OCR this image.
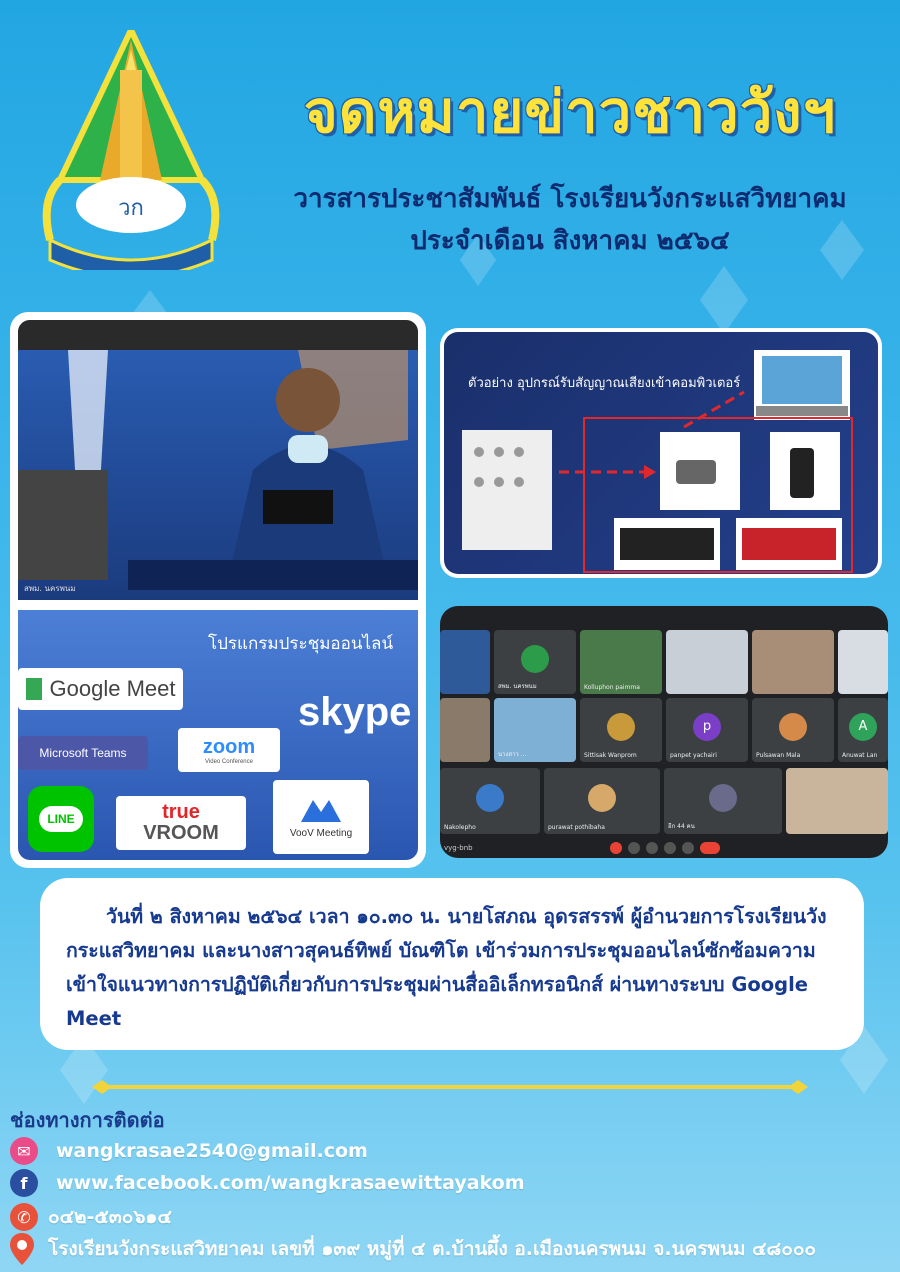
วก
จดหมายข่าวชาววังฯ
วารสารประชาสัมพันธ์ โรงเรียนวังกระแสวิทยาคม
ประจำเดือน สิงหาคม ๒๕๖๔
สพม. นครพนม
โปรแกรมประชุมออนไลน์
Google Meet
skype
Microsoft Teams	zoom
Video Conference
LINE	true
VROOM	VooV Meeting
ตัวอย่าง อุปกรณ์รับสัญญาณเสียงเข้าคอมพิวเตอร์
สพม. นครพนม	Kolluphon paimma
นางสาว ...	Sittisak Wanprom
p
panpet yachairi	Pulsawan Mala
A
Anuwat Lan
Nakolepho	purawat pothibaha	อีก 44 คน
vyg-bnb
วันที่ ๒ สิงหาคม ๒๕๖๔ เวลา ๑๐.๓๐ น. นายโสภณ อุดรสรรพ์ ผู้อำนวยการโรงเรียนวังกระแสวิทยาคม และนางสาวสุคนธ์ทิพย์ บัณฑิโต เข้าร่วมการประชุมออนไลน์ซักซ้อมความเข้าใจแนวทางการปฏิบัติเกี่ยวกับการประชุมผ่านสื่ออิเล็กทรอนิกส์ ผ่านทางระบบ Google Meet
ช่องทางการติดต่อ
✉	wangkrasae2540@gmail.com
f	www.facebook.com/wangkrasaewittayakom
✆ ๐๔๒-๕๓๐๖๑๔
โรงเรียนวังกระแสวิทยาคม เลขที่ ๑๓๙ หมู่ที่ ๔ ต.บ้านผึ้ง อ.เมืองนครพนม จ.นครพนม ๔๘๐๐๐
